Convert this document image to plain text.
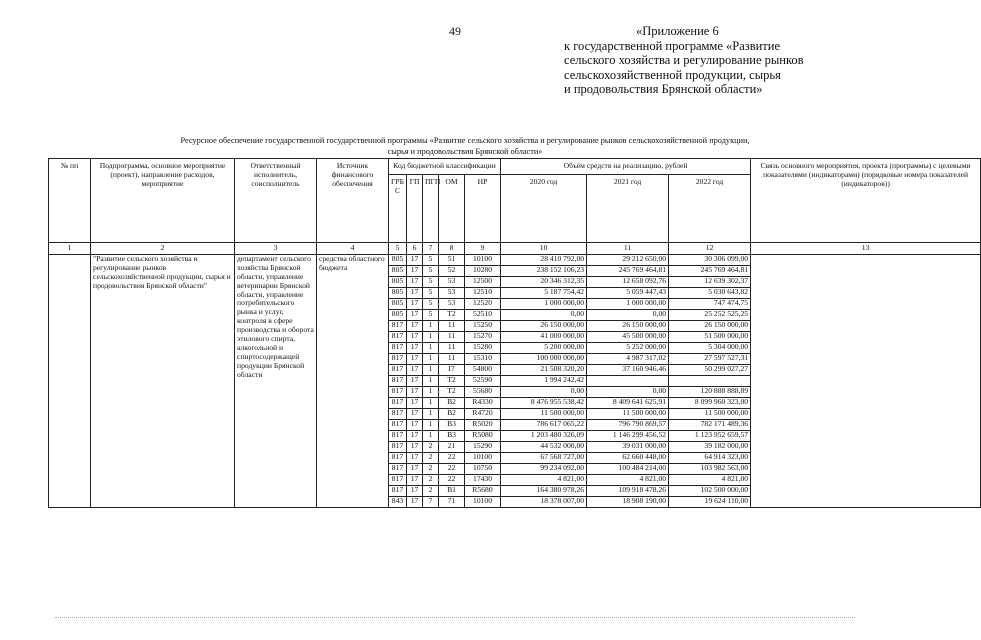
49	«Приложение 6
к государственной программе «Развитие
сельского хозяйства и регулирование рынков
сельскохозяйственной продукции, сырья
и продовольствия Брянской области»
Ресурсное обеспечение государственной государственной программы «Развитие сельского хозяйства и регулирование рынков сельскохозяйственной продукции,
сырья и продовольствия Брянской области»
№ пп	Подпрограмма, основное мероприятие (проект), направление расходов, мероприятие	Ответственный исполнитель, соисполнитель	Источник финансового обеспечения	Код бюджетной классификации					Объём средств на реализацию, рублей			Связь основного мероприятия, проекта (программы) с целевыми показателями (индикаторами) (порядковые номера показателей (индикаторов))
				ГРБ С	ГП	ПГП	ОМ	НР	2020 год	2021 год	2022 год	
1	2	3	4	5	6	7	8	9	10	11	12	13
	"Развитие сельского хозяйства и регулирование рынков сельскохозяйственной продукции, сырья и продовольствия Брянской области"	департамент сельского хозяйства Брянской области, управление ветеринарии Брянской области, управление потребительского рынка и услуг, контроля в сфере производства и оборота этилового спирта, алкогольной и спиртосодержащей продукции Брянской области	средства областного бюджета	805	17	5	51	10100	28 410 792,00	29 212 650,00	30 306 099,00	
				805	17	5	52	10280	238 152 106,23	245 769 464,81	245 769 464,81	
				805	17	5	53	12500	20 346 312,35	12 658 092,76	12 639 302,37	
				805	17	5	53	12510	5 187 754,42	5 059 447,43	5 030 643,82	
				805	17	5	53	12520	1 000 000,00	1 000 000,00	747 474,75	
				805	17	5	Т2	52510	0,00	0,00	25 252 525,25	
				817	17	1	11	15250	26 150 000,00	26 150 000,00	26 150 000,00	
				817	17	1	11	15270	41 000 000,00	45 500 000,00	51 500 000,00	
				817	17	1	11	15280	5 200 000,00	5 252 000,00	5 304 000,00	
				817	17	1	11	15310	100 000 000,00	4 987 317,02	27 597 527,31	
				817	17	1	I7	54800	21 508 320,20	37 160 946,46	50 299 027,27	
				817	17	1	Т2	52590	1 994 242,42			
				817	17	1	Т2	55680	0,00	0,00	120 888 888,89	
				817	17	1	В2	R4330	8 476 955 538,42	8 409 641 625,91	8 099 960 323,00	
				817	17	1	В2	R4720	11 500 000,00	11 500 000,00	11 500 000,00	
				817	17	1	В3	R5020	786 617 065,22	796 790 869,57	782 171 489,36	
				817	17	1	В3	R5080	1 203 480 326,09	1 146 299 456,52	1 123 952 659,57	
				817	17	2	21	15290	44 532 000,00	39 031 000,00	39 182 000,00	
				817	17	2	22	10100	67 568 727,00	62 660 448,00	64 914 323,00	
				817	17	2	22	10750	99 234 092,00	100 484 214,00	103 982 563,00	
				817	17	2	22	17430	4 821,00	4 821,00	4 821,00	
				817	17	2	В1	R5680	164 380 978,26	109 918 478,26	102 500 000,00	
				843	17	7	71	10100	18 378 007,00	18 908 190,00	19 624 110,00	
